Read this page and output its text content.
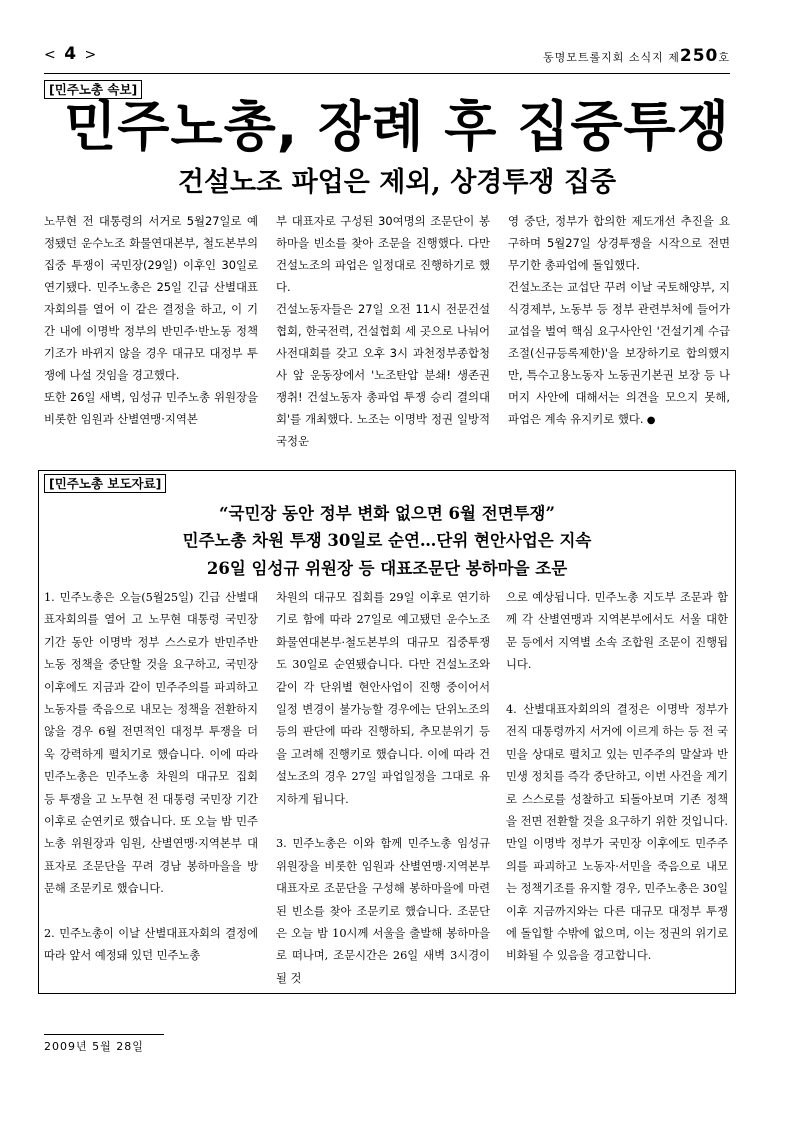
< 4 >	동명모트롤지회 소식지 제250호
[민주노총 속보]
민주노총, 장례 후 집중투쟁
건설노조 파업은 제외, 상경투쟁 집중

노무현 전 대통령의 서거로 5월27일로 예정됐던 운수노조 화물연대본부, 철도본부의 집중 투쟁이 국민장(29일) 이후인 30일로 연기됐다. 민주노총은 25일 긴급 산별대표자회의를 열어 이 같은 결정을 하고, 이 기간 내에 이명박 정부의 반민주·반노동 정책 기조가 바뀌지 않을 경우 대규모 대정부 투쟁에 나설 것임을 경고했다.

또한 26일 새벽, 임성규 민주노총 위원장을 비롯한 임원과 산별연맹·지역본

부 대표자로 구성된 30여명의 조문단이 봉하마을 빈소를 찾아 조문을 진행했다. 다만 건설노조의 파업은 일정대로 진행하기로 했다.

건설노동자들은 27일 오전 11시 전문건설협회, 한국전력, 건설협회 세 곳으로 나눠어 사전대회를 갖고 오후 3시 과천정부종합청사 앞 운동장에서 '노조탄압 분쇄! 생존권 쟁취! 건설노동자 총파업 투쟁 승리 결의대회'를 개최했다. 노조는 이명박 정권 일방적 국정운

영 중단, 정부가 합의한 제도개선 추진을 요구하며 5월27일 상경투쟁을 시작으로 전면 무기한 총파업에 돌입했다.

건설노조는 교섭단 꾸려 이날 국토해양부, 지식경제부, 노동부 등 정부 관련부처에 들어가 교섭을 벌여 핵심 요구사안인 '건설기계 수급조절(신규등록제한)'을 보장하기로 합의했지만, 특수고용노동자 노동권기본권 보장 등 나머지 사안에 대해서는 의견을 모으지 못해, 파업은 계속 유지키로 했다. ●

[민주노총 보도자료]
“국민장 동안 정부 변화 없으면 6월 전면투쟁”
민주노총 차원 투쟁 30일로 순연…단위 현안사업은 지속
26일 임성규 위원장 등 대표조문단 봉하마을 조문

1. 민주노총은 오늘(5월25일) 긴급 산별대표자회의를 열어 고 노무현 대통령 국민장 기간 동안 이명박 정부 스스로가 반민주반노동 정책을 중단할 것을 요구하고, 국민장 이후에도 지금과 같이 민주주의를 파괴하고 노동자를 죽음으로 내모는 정책을 전환하지 않을 경우 6월 전면적인 대정부 투쟁을 더욱 강력하게 펼치기로 했습니다. 이에 따라 민주노총은 민주노총 차원의 대규모 집회 등 투쟁을 고 노무현 전 대통령 국민장 기간 이후로 순연키로 했습니다. 또 오늘 밤 민주노총 위원장과 임원, 산별연맹·지역본부 대표자로 조문단을 꾸려 경남 봉하마을을 방문해 조문키로 했습니다.

2. 민주노총이 이날 산별대표자회의 결정에 따라 앞서 예정돼 있던 민주노총

차원의 대규모 집회를 29일 이후로 연기하기로 함에 따라 27일로 예고됐던 운수노조 화물연대본부·철도본부의 대규모 집중투쟁도 30일로 순연됐습니다. 다만 건설노조와 같이 각 단위별 현안사업이 진행 중이어서 일정 변경이 불가능할 경우에는 단위노조의 등의 판단에 따라 진행하되, 추모분위기 등을 고려해 진행키로 했습니다. 이에 따라 건설노조의 경우 27일 파업일정을 그대로 유지하게 됩니다.

3. 민주노총은 이와 함께 민주노총 임성규 위원장을 비롯한 임원과 산별연맹·지역본부 대표자로 조문단을 구성해 봉하마을에 마련된 빈소를 찾아 조문키로 했습니다. 조문단은 오늘 밤 10시께 서울을 출발해 봉하마을로 떠나며, 조문시간은 26일 새벽 3시경이 될 것

으로 예상됩니다. 민주노총 지도부 조문과 함께 각 산별연맹과 지역본부에서도 서울 대한문 등에서 지역별 소속 조합원 조문이 진행됩니다.

4. 산별대표자회의의 결정은 이명박 정부가 전직 대통령까지 서거에 이르게 하는 등 전 국민을 상대로 펼치고 있는 민주주의 말살과 반민생 정치를 즉각 중단하고, 이번 사건을 계기로 스스로를 성찰하고 되돌아보며 기존 정책을 전면 전환할 것을 요구하기 위한 것입니다. 만일 이명박 정부가 국민장 이후에도 민주주의를 파괴하고 노동자·서민을 죽음으로 내모는 정책기조를 유지할 경우, 민주노총은 30일 이후 지금까지와는 다른 대규모 대정부 투쟁에 돌입할 수밖에 없으며, 이는 정권의 위기로 비화될 수 있음을 경고합니다.

2009년 5월 28일
